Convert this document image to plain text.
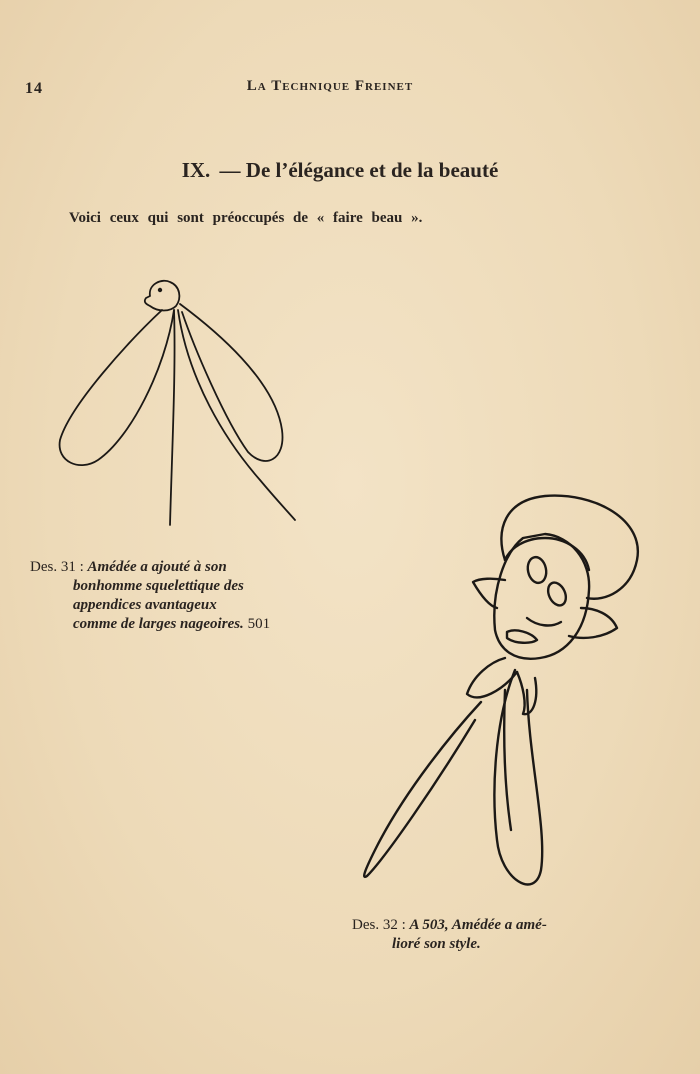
14	La Technique Freinet
IX. — De l’élégance et de la beauté
Voici ceux qui sont préoccupés de « faire beau ».
Des. 31 : Amédée a ajouté à son
bonhomme squelettique des
appendices avantageux
comme de larges nageoires. 501
Des. 32 : A 503, Amédée a amé-
lioré son style.
